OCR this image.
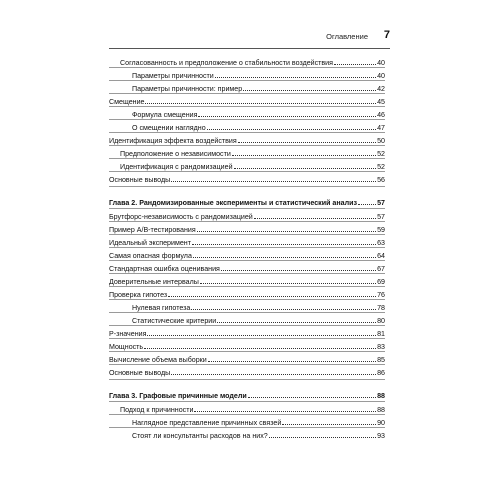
Оглавление 7
Согласованность и предположение о стабильности воздействия	40
Параметры причинности	40
Параметры причинности: пример	42
Смещение	45
Формула смещения	46
О смещении наглядно	47
Идентификация эффекта воздействия	50
Предположение о независимости	52
Идентификация с рандомизацией	52
Основные выводы	56
Глава 2. Рандомизированные эксперименты и статистический анализ	57
Брутфорс-независимость с рандомизацией	57
Пример A/B-тестирования	59
Идеальный эксперимент	63
Самая опасная формула	64
Стандартная ошибка оценивания	67
Доверительные интервалы	69
Проверка гипотез	76
Нулевая гипотеза	78
Статистические критерии	80
P-значения	81
Мощность	83
Вычисление объема выборки	85
Основные выводы	86
Глава 3. Графовые причинные модели	88
Подход к причинности	88
Наглядное представление причинных связей	90
Стоят ли консультанты расходов на них?	93
